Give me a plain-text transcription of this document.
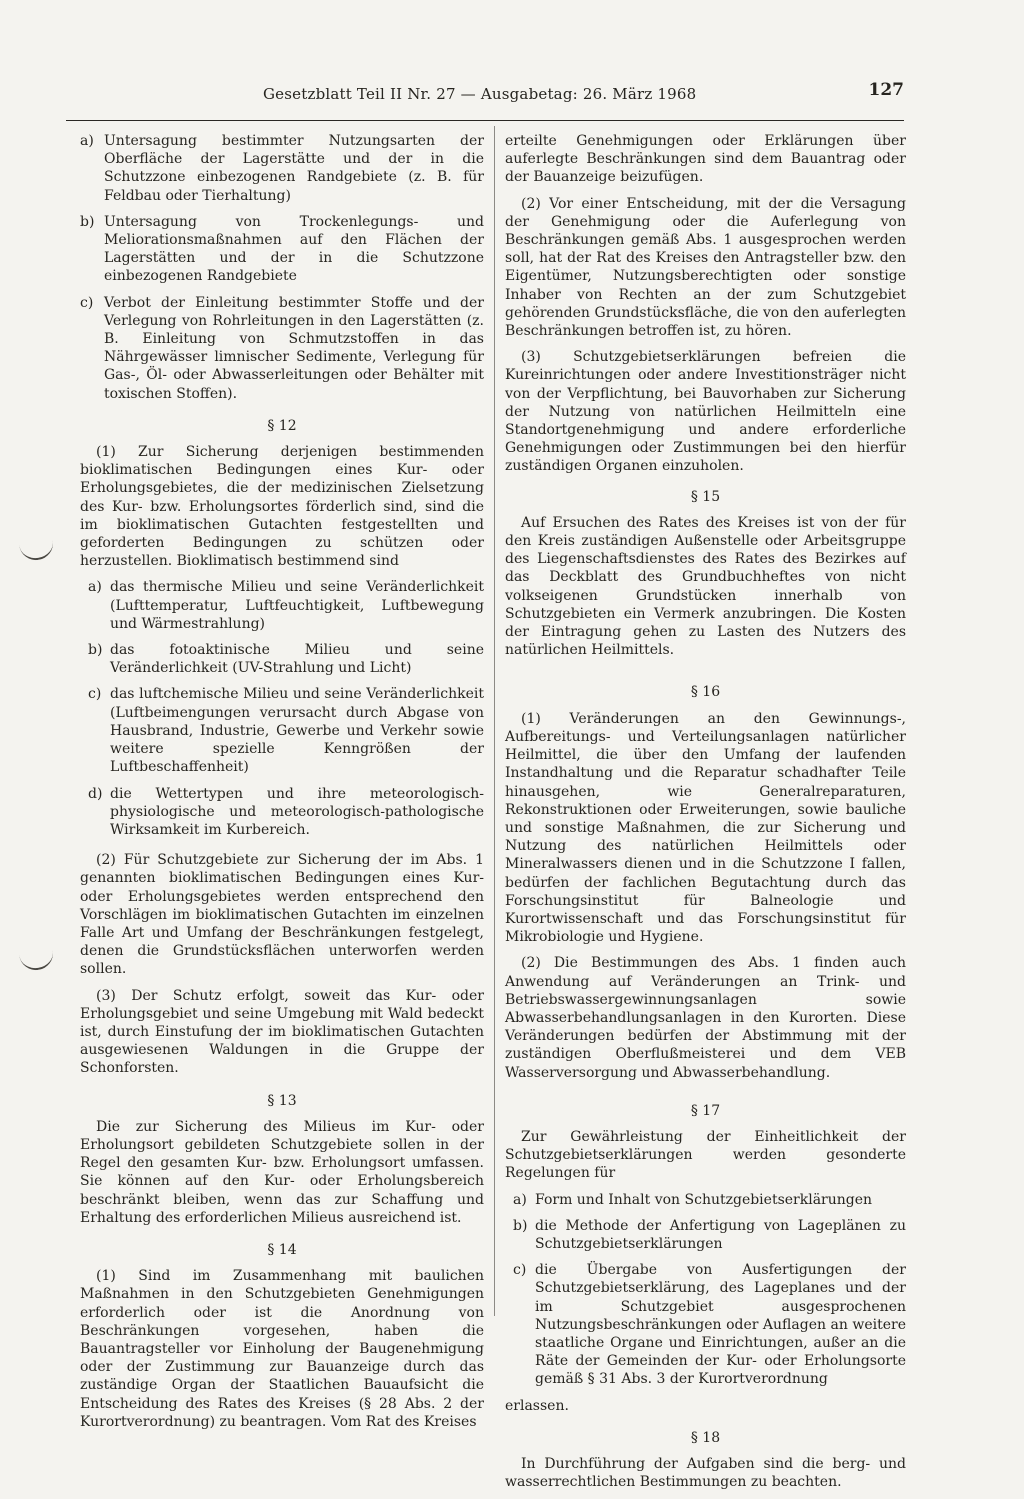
Gesetzblatt Teil II Nr. 27 — Ausgabetag: 26. März 1968	127
a) Untersagung bestimmter Nutzungsarten der Oberfläche der Lagerstätte und der in die Schutzzone einbezogenen Randgebiete (z. B. für Feldbau oder Tierhaltung)
b) Untersagung von Trockenlegungs- und Meliorationsmaßnahmen auf den Flächen der Lagerstätten und der in die Schutzzone einbezogenen Randgebiete
c) Verbot der Einleitung bestimmter Stoffe und der Verlegung von Rohrleitungen in den Lagerstätten (z. B. Einleitung von Schmutzstoffen in das Nährgewässer limnischer Sedimente, Verlegung für Gas-, Öl- oder Abwasserleitungen oder Behälter mit toxischen Stoffen).
§ 12

(1) Zur Sicherung derjenigen bestimmenden bioklimatischen Bedingungen eines Kur- oder Erholungsgebietes, die der medizinischen Zielsetzung des Kur- bzw. Erholungsortes förderlich sind, sind die im bioklimatischen Gutachten festgestellten und geforderten Bedingungen zu schützen oder herzustellen. Bioklimatisch bestimmend sind

a) das thermische Milieu und seine Veränderlichkeit (Lufttemperatur, Luftfeuchtigkeit, Luftbewegung und Wärmestrahlung)
b) das fotoaktinische Milieu und seine Veränderlichkeit (UV-Strahlung und Licht)
c) das luftchemische Milieu und seine Veränderlichkeit (Luftbeimengungen verursacht durch Abgase von Hausbrand, Industrie, Gewerbe und Verkehr sowie weitere spezielle Kenngrößen der Luftbeschaffenheit)
d) die Wettertypen und ihre meteorologisch-physiologische und meteorologisch-pathologische Wirksamkeit im Kurbereich.

(2) Für Schutzgebiete zur Sicherung der im Abs. 1 genannten bioklimatischen Bedingungen eines Kur- oder Erholungsgebietes werden entsprechend den Vorschlägen im bioklimatischen Gutachten im einzelnen Falle Art und Umfang der Beschränkungen festgelegt, denen die Grundstücksflächen unterworfen werden sollen.

(3) Der Schutz erfolgt, soweit das Kur- oder Erholungsgebiet und seine Umgebung mit Wald bedeckt ist, durch Einstufung der im bioklimatischen Gutachten ausgewiesenen Waldungen in die Gruppe der Schonforsten.

§ 13

Die zur Sicherung des Milieus im Kur- oder Erholungsort gebildeten Schutzgebiete sollen in der Regel den gesamten Kur- bzw. Erholungsort umfassen. Sie können auf den Kur- oder Erholungsbereich beschränkt bleiben, wenn das zur Schaffung und Erhaltung des erforderlichen Milieus ausreichend ist.

§ 14

(1) Sind im Zusammenhang mit baulichen Maßnahmen in den Schutzgebieten Genehmigungen erforderlich oder ist die Anordnung von Beschränkungen vorgesehen, haben die Bauantragsteller vor Einholung der Baugenehmigung oder der Zustimmung zur Bauanzeige durch das zuständige Organ der Staatlichen Bauaufsicht die Entscheidung des Rates des Kreises (§ 28 Abs. 2 der Kurortverordnung) zu beantragen. Vom Rat des Kreises

erteilte Genehmigungen oder Erklärungen über auferlegte Beschränkungen sind dem Bauantrag oder der Bauanzeige beizufügen.

(2) Vor einer Entscheidung, mit der die Versagung der Genehmigung oder die Auferlegung von Beschränkungen gemäß Abs. 1 ausgesprochen werden soll, hat der Rat des Kreises den Antragsteller bzw. den Eigentümer, Nutzungsberechtigten oder sonstige Inhaber von Rechten an der zum Schutzgebiet gehörenden Grundstücksfläche, die von den auferlegten Beschränkungen betroffen ist, zu hören.

(3) Schutzgebietserklärungen befreien die Kureinrichtungen oder andere Investitionsträger nicht von der Verpflichtung, bei Bauvorhaben zur Sicherung der Nutzung von natürlichen Heilmitteln eine Standortgenehmigung und andere erforderliche Genehmigungen oder Zustimmungen bei den hierfür zuständigen Organen einzuholen.

§ 15

Auf Ersuchen des Rates des Kreises ist von der für den Kreis zuständigen Außenstelle oder Arbeitsgruppe des Liegenschaftsdienstes des Rates des Bezirkes auf das Deckblatt des Grundbuchheftes von nicht volkseigenen Grundstücken innerhalb von Schutzgebieten ein Vermerk anzubringen. Die Kosten der Eintragung gehen zu Lasten des Nutzers des natürlichen Heilmittels.

§ 16

(1) Veränderungen an den Gewinnungs-, Aufbereitungs- und Verteilungsanlagen natürlicher Heilmittel, die über den Umfang der laufenden Instandhaltung und die Reparatur schadhafter Teile hinausgehen, wie Generalreparaturen, Rekonstruktionen oder Erweiterungen, sowie bauliche und sonstige Maßnahmen, die zur Sicherung und Nutzung des natürlichen Heilmittels oder Mineralwassers dienen und in die Schutzzone I fallen, bedürfen der fachlichen Begutachtung durch das Forschungsinstitut für Balneologie und Kurortwissenschaft und das Forschungsinstitut für Mikrobiologie und Hygiene.

(2) Die Bestimmungen des Abs. 1 finden auch Anwendung auf Veränderungen an Trink- und Betriebswassergewinnungsanlagen sowie Abwasserbehandlungsanlagen in den Kurorten. Diese Veränderungen bedürfen der Abstimmung mit der zuständigen Oberflußmeisterei und dem VEB Wasserversorgung und Abwasserbehandlung.

§ 17

Zur Gewährleistung der Einheitlichkeit der Schutzgebietserklärungen werden gesonderte Regelungen für

a) Form und Inhalt von Schutzgebietserklärungen
b) die Methode der Anfertigung von Lageplänen zu Schutzgebietserklärungen
c) die Übergabe von Ausfertigungen der Schutzgebietserklärung, des Lageplanes und der im Schutzgebiet ausgesprochenen Nutzungsbeschränkungen oder Auflagen an weitere staatliche Organe und Einrichtungen, außer an die Räte der Gemeinden der Kur- oder Erholungsorte gemäß § 31 Abs. 3 der Kurortverordnung

erlassen.

§ 18

In Durchführung der Aufgaben sind die berg- und wasserrechtlichen Bestimmungen zu beachten.
